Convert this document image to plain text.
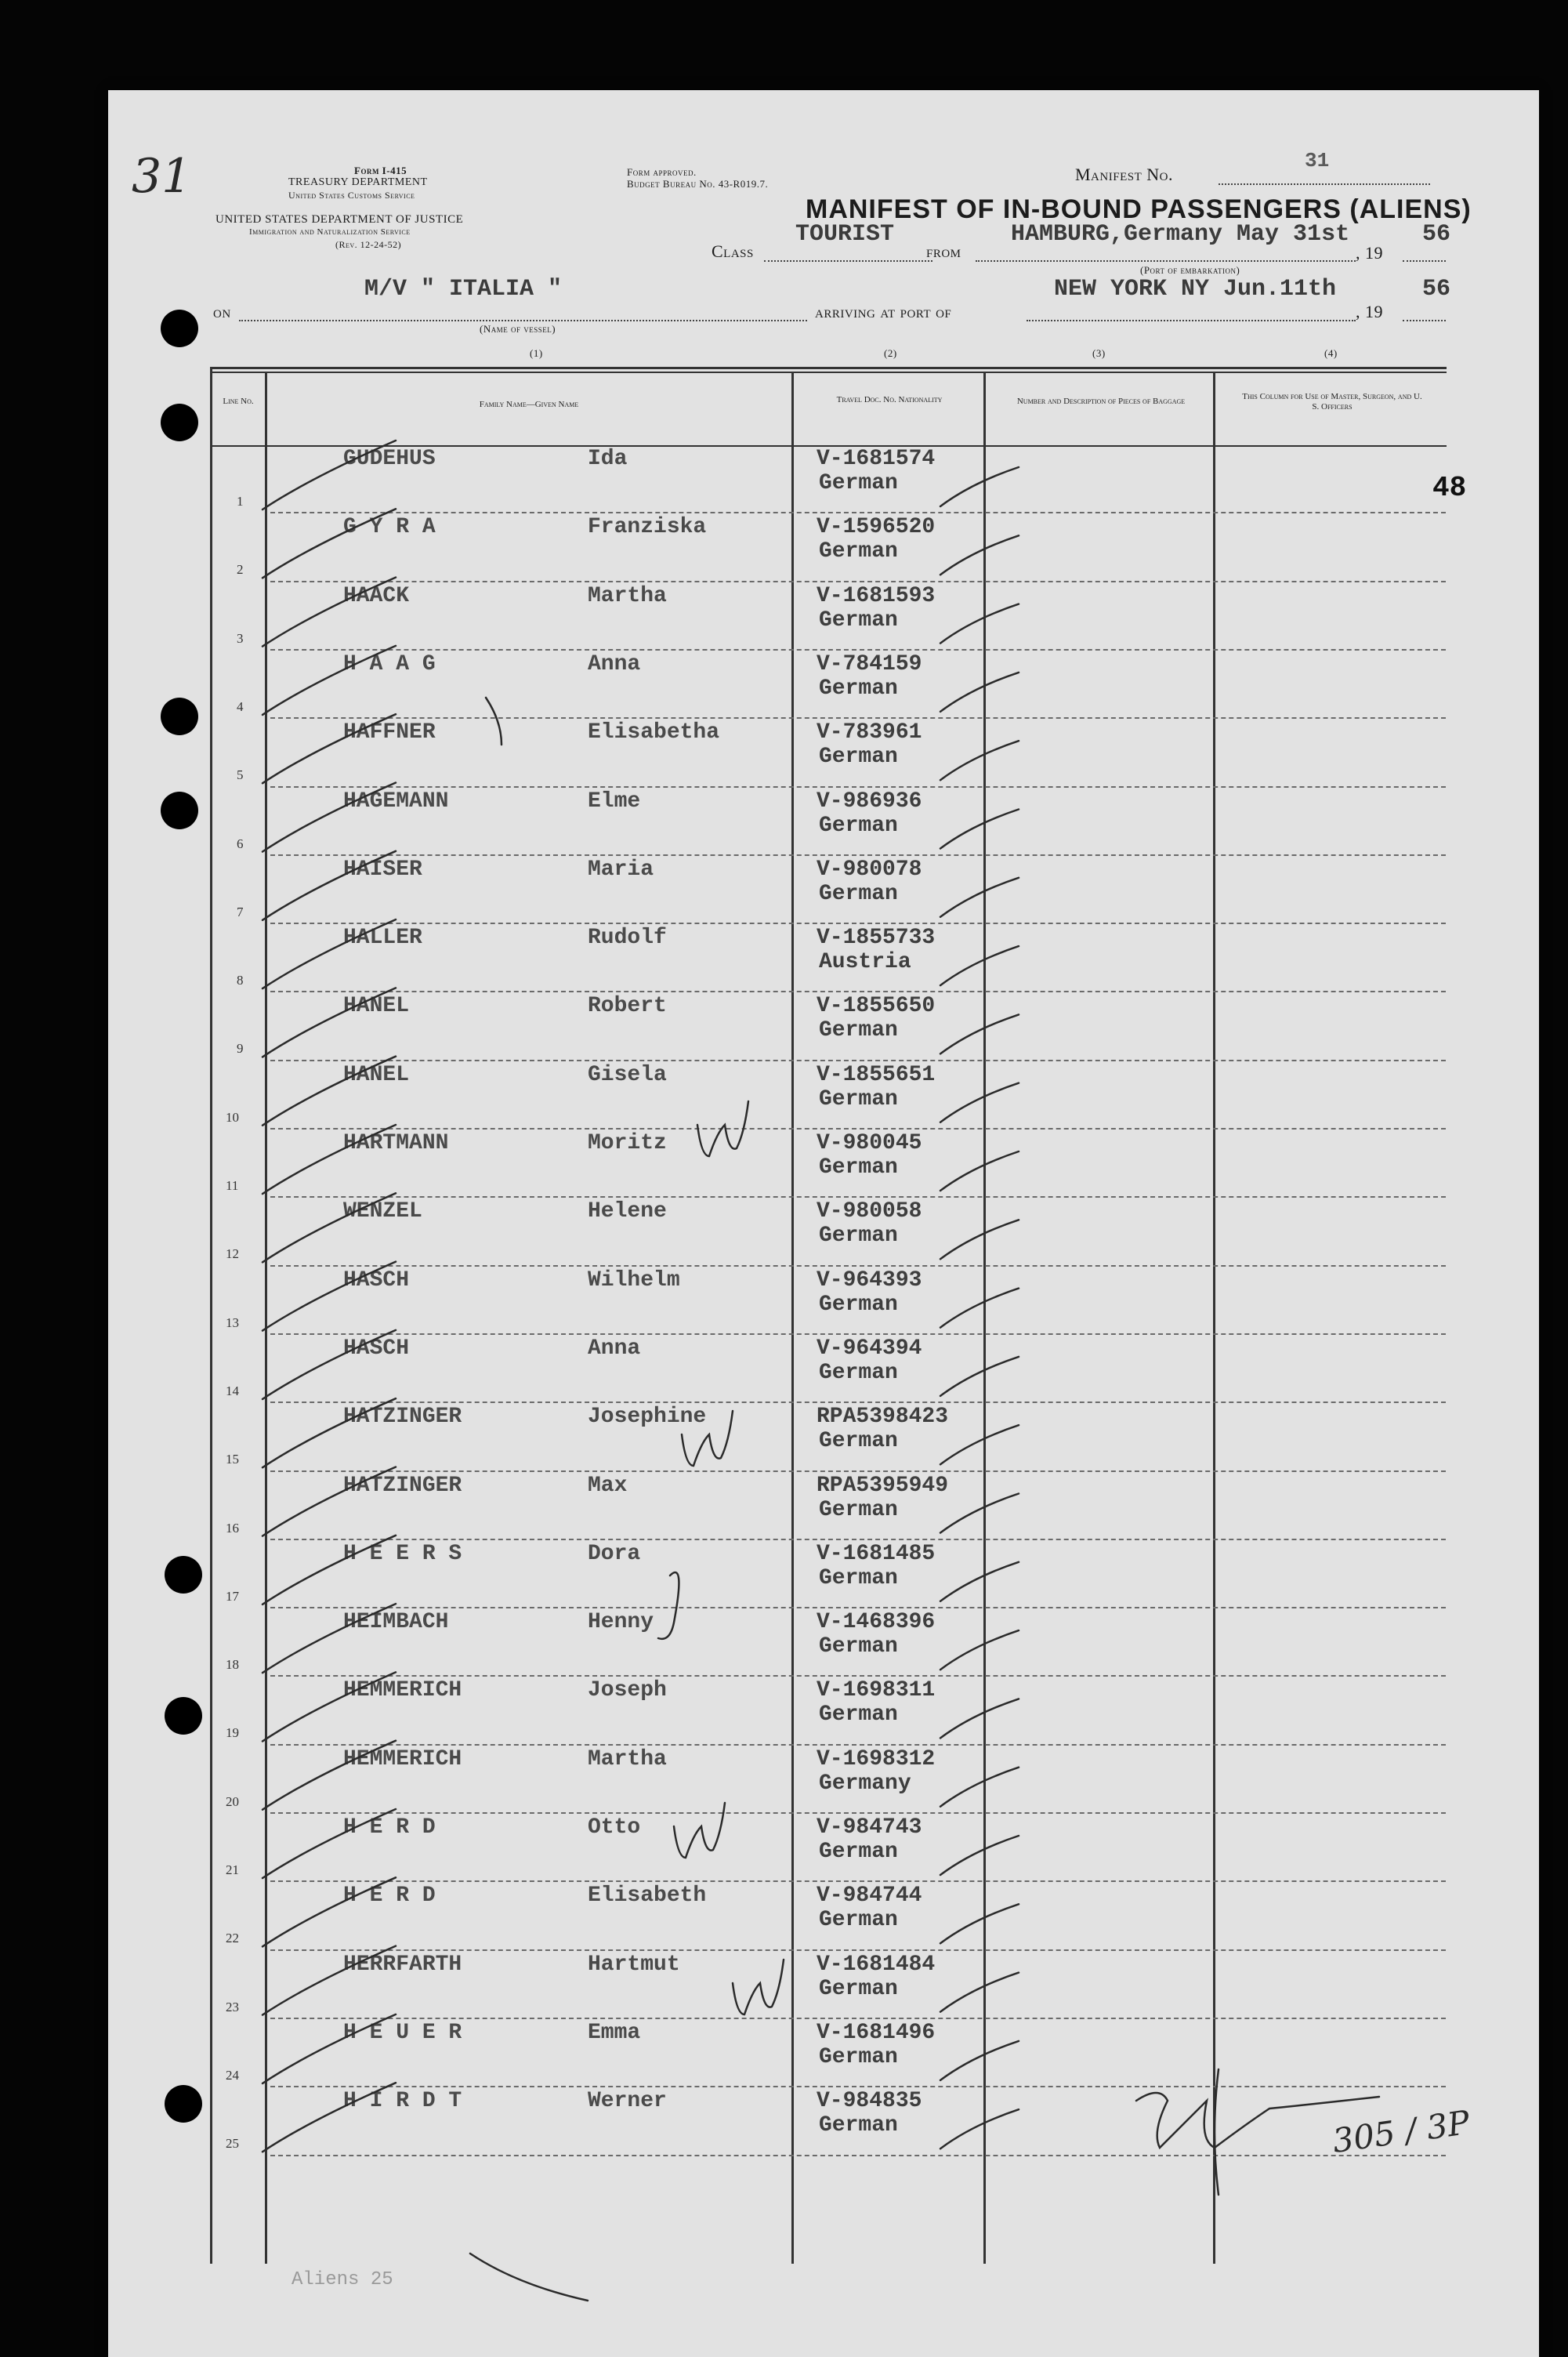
31	Form I-415
TREASURY DEPARTMENT
United States Customs Service
UNITED STATES DEPARTMENT OF JUSTICE
Immigration and Naturalization Service
(Rev. 12-24-52)
Form approved.
Budget Bureau No. 43-R019.7.	Manifest No.
31
MANIFEST OF IN-BOUND PASSENGERS (ALIENS)
Class
TOURIST
from
HAMBURG,Germany May 31st
, 19
56
(Port of embarkation)
on
M/V " ITALIA "
(Name of vessel)
arriving at port of
NEW YORK NY Jun.11th
, 19
56
(1)	(2)	(3)	(4)
48
Line No.	Family Name—Given Name	Travel Doc. No. Nationality	Number and Description of Pieces of Baggage	This Column for Use of Master, Surgeon, and U. S. Officers
1
GUDEHUS	Ida	V-1681574
German
2
G Y R A	Franziska	V-1596520
German
3
HAACK	Martha	V-1681593
German
4
H A A G	Anna	V-784159
German
5
HAFFNER	Elisabetha	V-783961
German
6
HAGEMANN	Elme	V-986936
German
7
HAISER	Maria	V-980078
German
8
HALLER	Rudolf	V-1855733
Austria
9
HANEL	Robert	V-1855650
German
10
HANEL	Gisela	V-1855651
German
11
HARTMANN	Moritz	V-980045
German
12
WENZEL	Helene	V-980058
German
13
HASCH	Wilhelm	V-964393
German
14
HASCH	Anna	V-964394
German
15
HATZINGER	Josephine	RPA5398423
German
16
HATZINGER	Max	RPA5395949
German
17
H E E R S	Dora	V-1681485
German
18
HEIMBACH	Henny	V-1468396
German
19
HEMMERICH	Joseph	V-1698311
German
20
HEMMERICH	Martha	V-1698312
Germany
21
H E R D	Otto	V-984743
German
22
H E R D	Elisabeth	V-984744
German
23
HERRFARTH	Hartmut	V-1681484
German
24
H E U E R	Emma	V-1681496
German
25
H I R D T	Werner	V-984835
German
Aliens 25
305 / 3P
